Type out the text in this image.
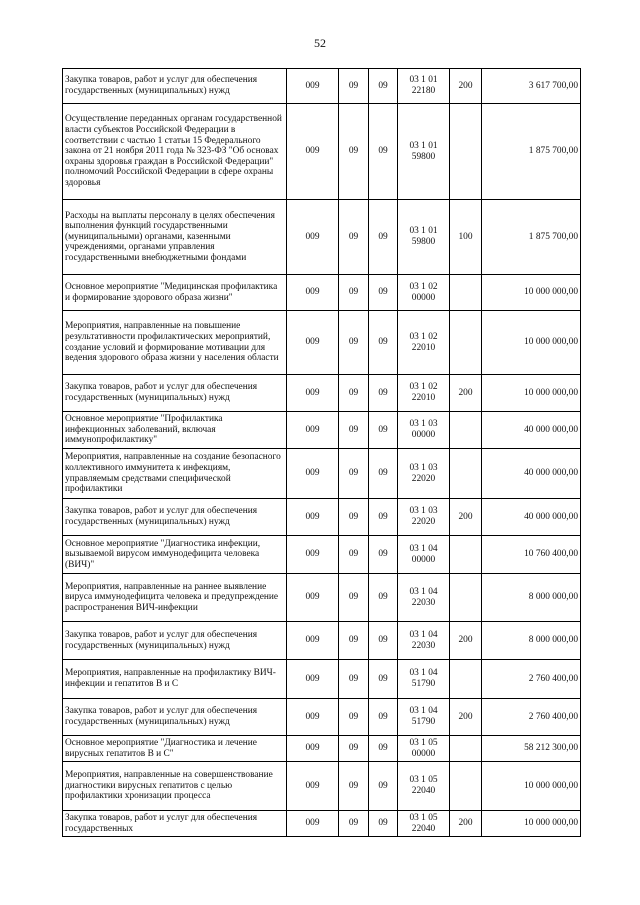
52
Закупка товаров, работ и услуг для обеспечения государственных (муниципальных) нужд	009	09	09	03 1 01 22180	200	3 617 700,00
Осуществление переданных органам государственной власти субъектов Российской Федерации в соответствии с частью 1 статьи 15 Федерального закона от 21 ноября 2011 года № 323-ФЗ "Об основах охраны здоровья граждан в Российской Федерации" полномочий Российской Федерации в сфере охраны здоровья	009	09	09	03 1 01 59800		1 875 700,00
Расходы на выплаты персоналу в целях обеспечения выполнения функций государственными (муниципальными) органами, казенными учреждениями, органами управления государственными внебюджетными фондами	009	09	09	03 1 01 59800	100	1 875 700,00
Основное мероприятие "Медицинская профилактика и формирование здорового образа жизни"	009	09	09	03 1 02 00000		10 000 000,00
Мероприятия, направленные на повышение результативности профилактических мероприятий, создание условий и формирование мотивации для ведения здорового образа жизни у населения области	009	09	09	03 1 02 22010		10 000 000,00
Закупка товаров, работ и услуг для обеспечения государственных (муниципальных) нужд	009	09	09	03 1 02 22010	200	10 000 000,00
Основное мероприятие "Профилактика инфекционных заболеваний, включая иммунопрофилактику"	009	09	09	03 1 03 00000		40 000 000,00
Мероприятия, направленные на создание безопасного коллективного иммунитета к инфекциям, управляемым средствами специфической профилактики	009	09	09	03 1 03 22020		40 000 000,00
Закупка товаров, работ и услуг для обеспечения государственных (муниципальных) нужд	009	09	09	03 1 03 22020	200	40 000 000,00
Основное мероприятие "Диагностика инфекции, вызываемой вирусом иммунодефицита человека (ВИЧ)"	009	09	09	03 1 04 00000		10 760 400,00
Мероприятия, направленные на раннее выявление вируса иммунодефицита человека и предупреждение распространения ВИЧ-инфекции	009	09	09	03 1 04 22030		8 000 000,00
Закупка товаров, работ и услуг для обеспечения государственных (муниципальных) нужд	009	09	09	03 1 04 22030	200	8 000 000,00
Мероприятия, направленные на профилактику ВИЧ-инфекции и гепатитов В и С	009	09	09	03 1 04 51790		2 760 400,00
Закупка товаров, работ и услуг для обеспечения государственных (муниципальных) нужд	009	09	09	03 1 04 51790	200	2 760 400,00
Основное мероприятие "Диагностика и лечение вирусных гепатитов В и С"	009	09	09	03 1 05 00000		58 212 300,00
Мероприятия, направленные на совершенствование диагностики вирусных гепатитов с целью профилактики хронизации процесса	009	09	09	03 1 05 22040		10 000 000,00
Закупка товаров, работ и услуг для обеспечения государственных	009	09	09	03 1 05 22040	200	10 000 000,00
